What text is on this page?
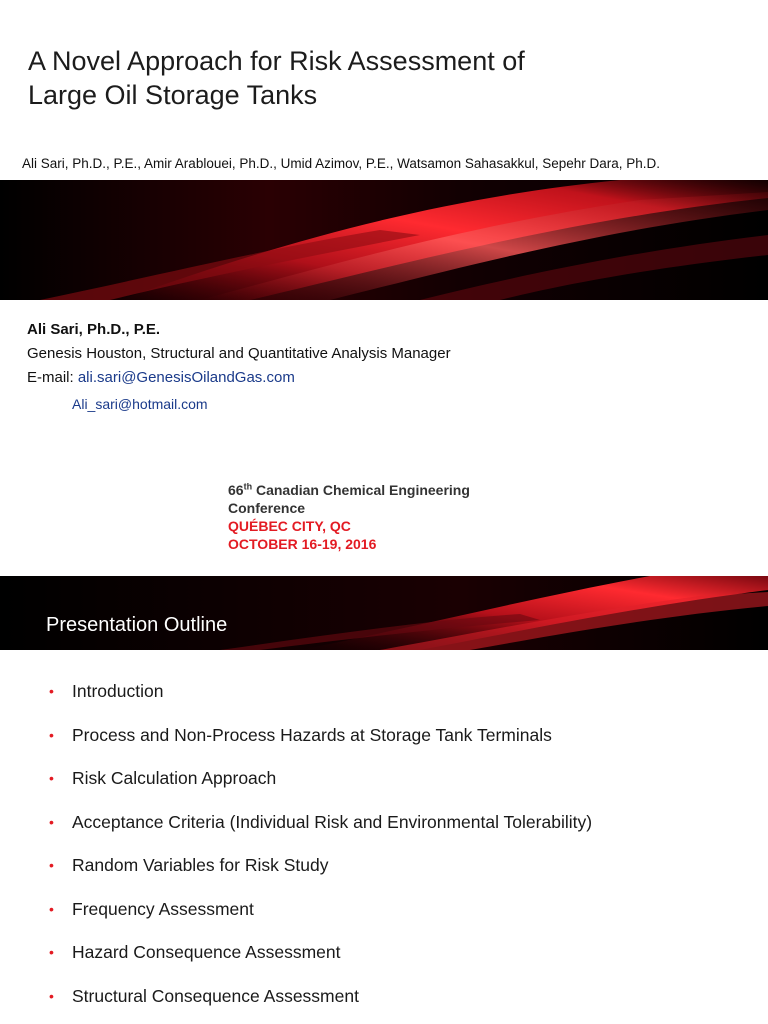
A Novel Approach for Risk Assessment of
Large Oil Storage Tanks
Ali Sari, Ph.D., P.E., Amir Arablouei, Ph.D., Umid Azimov, P.E., Watsamon Sahasakkul, Sepehr Dara, Ph.D.
Ali Sari, Ph.D., P.E.
Genesis Houston, Structural and Quantitative Analysis Manager
E-mail: ali.sari@GenesisOilandGas.com
Ali_sari@hotmail.com
66th Canadian Chemical Engineering
Conference
QUÉBEC CITY, QC
OCTOBER 16-19, 2016
Presentation Outline
• Introduction
• Process and Non-Process Hazards at Storage Tank Terminals
• Risk Calculation Approach
• Acceptance Criteria (Individual Risk and Environmental Tolerability)
• Random Variables for Risk Study
• Frequency Assessment
• Hazard Consequence Assessment
• Structural Consequence Assessment
